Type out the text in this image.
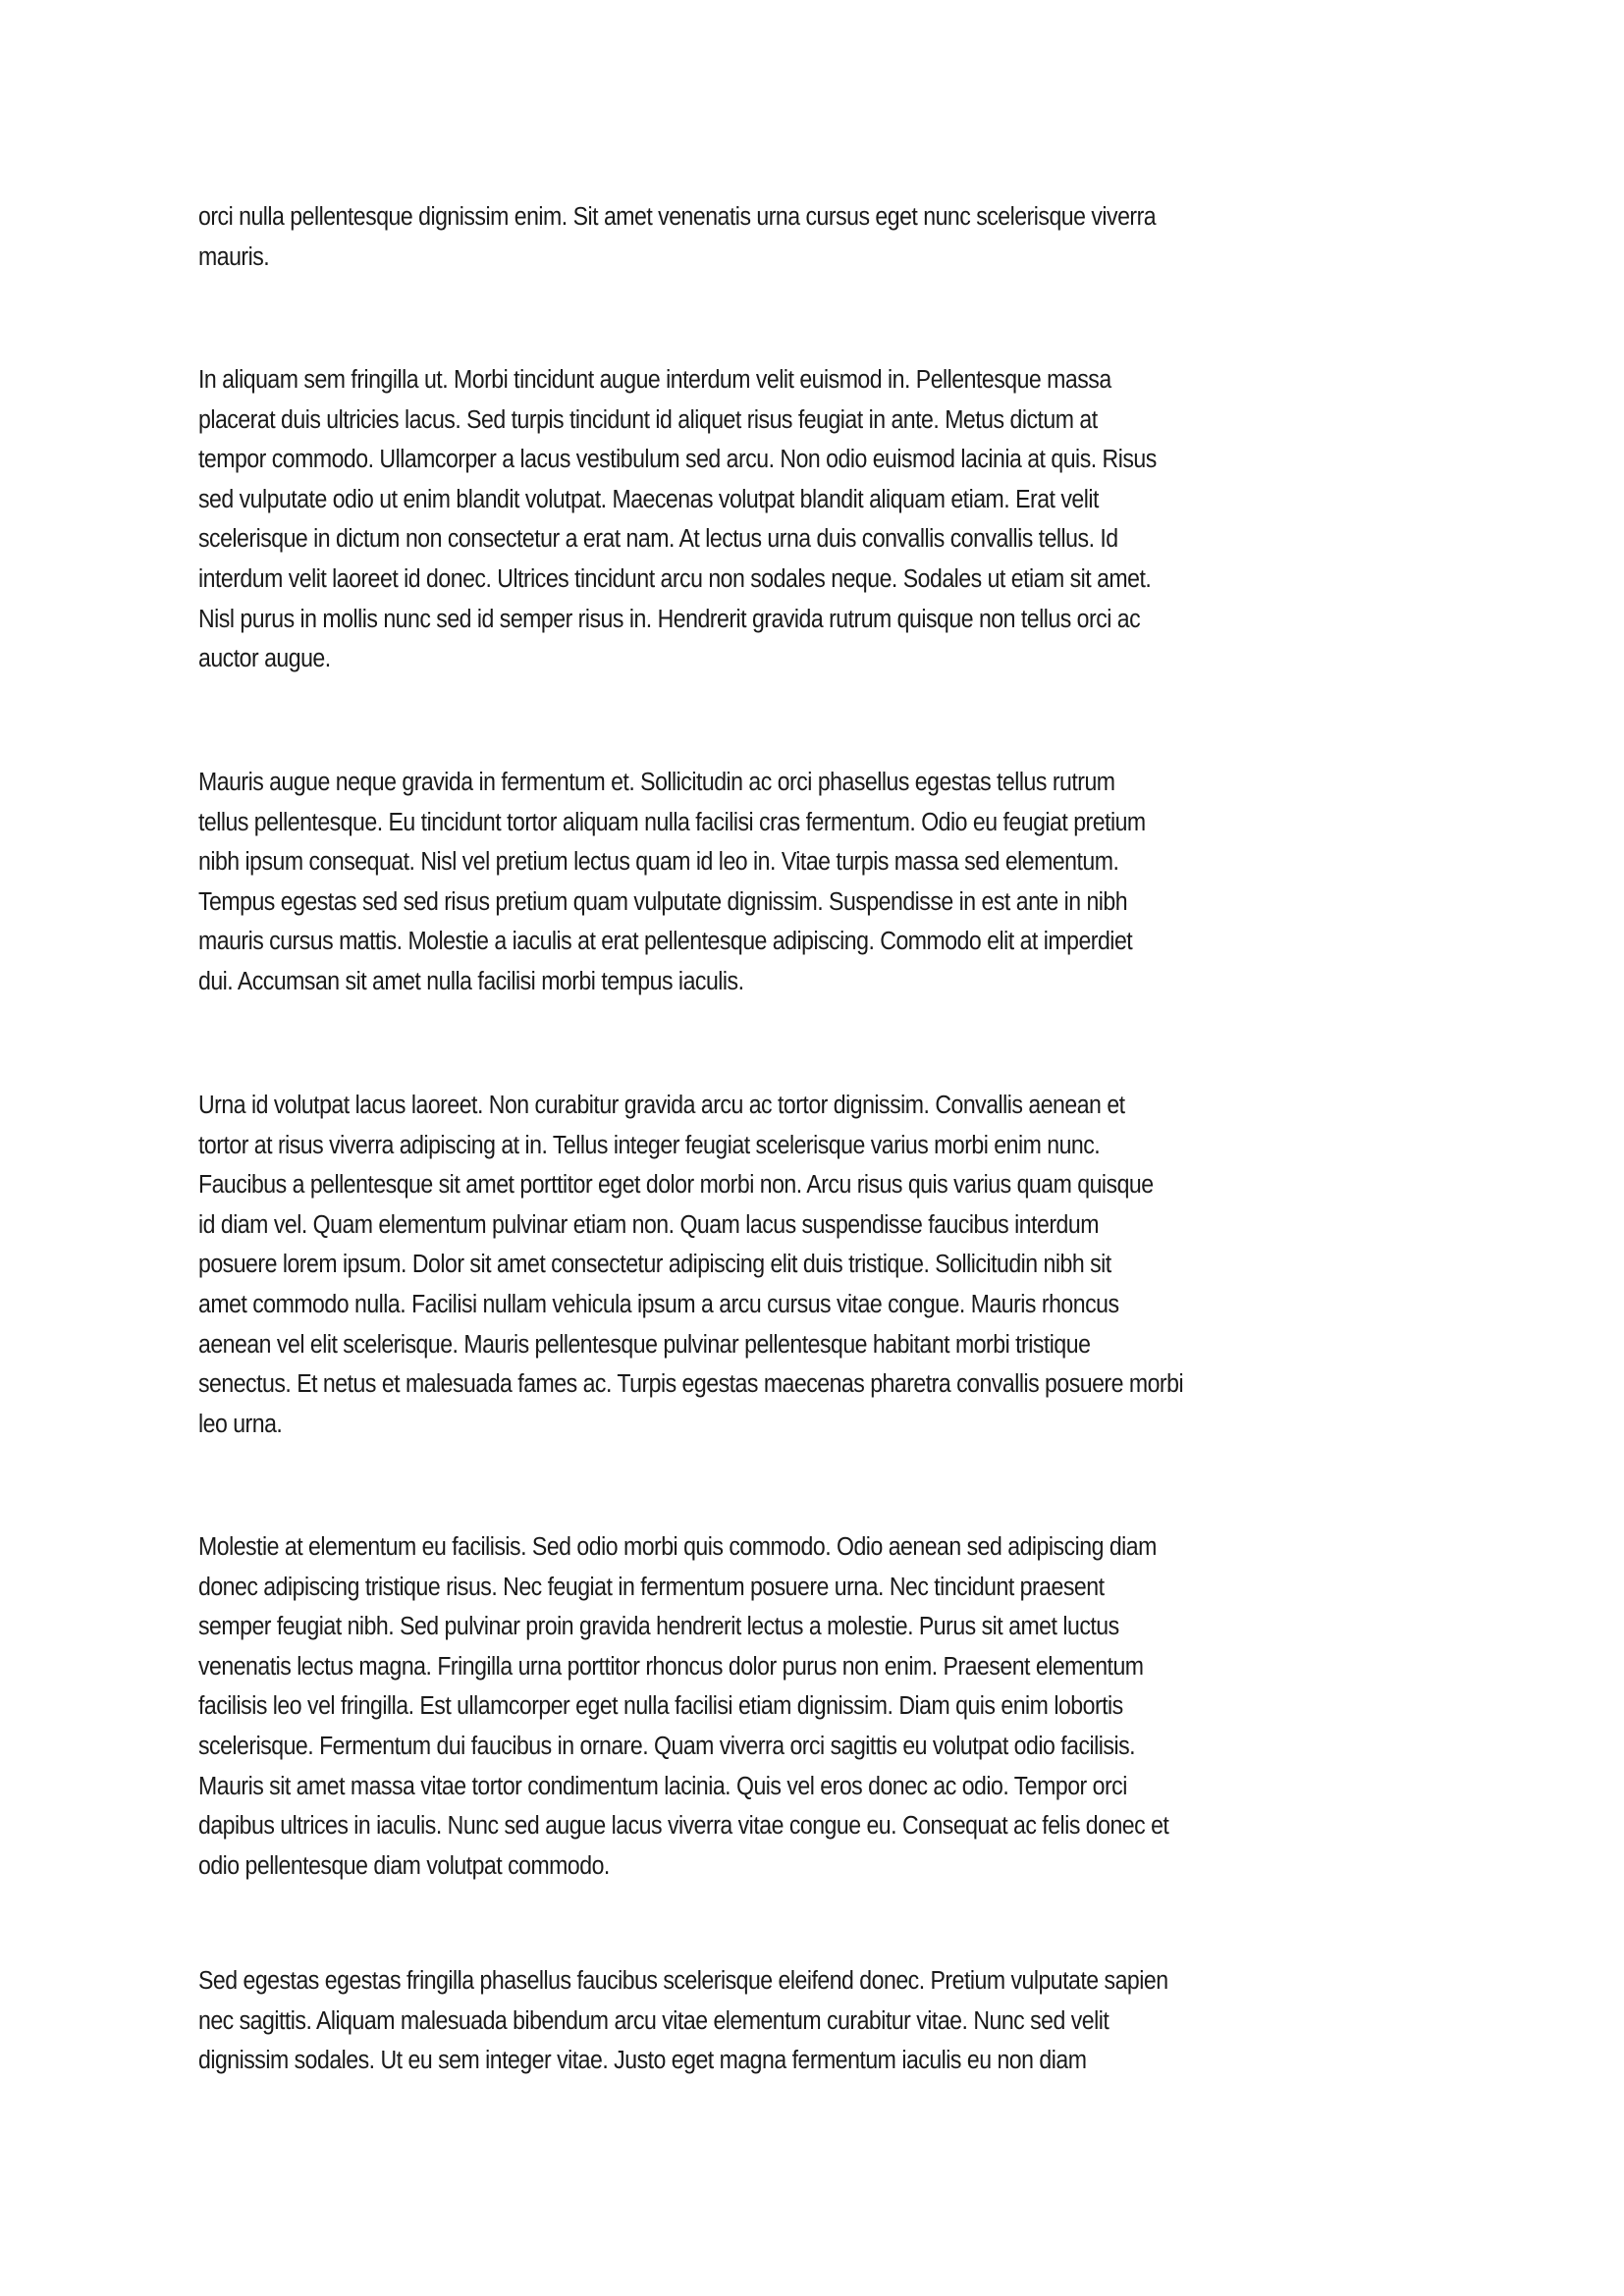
orci nulla pellentesque dignissim enim. Sit amet venenatis urna cursus eget nunc scelerisque viverra
mauris.

In aliquam sem fringilla ut. Morbi tincidunt augue interdum velit euismod in. Pellentesque massa
placerat duis ultricies lacus. Sed turpis tincidunt id aliquet risus feugiat in ante. Metus dictum at
tempor commodo. Ullamcorper a lacus vestibulum sed arcu. Non odio euismod lacinia at quis. Risus
sed vulputate odio ut enim blandit volutpat. Maecenas volutpat blandit aliquam etiam. Erat velit
scelerisque in dictum non consectetur a erat nam. At lectus urna duis convallis convallis tellus. Id
interdum velit laoreet id donec. Ultrices tincidunt arcu non sodales neque. Sodales ut etiam sit amet.
Nisl purus in mollis nunc sed id semper risus in. Hendrerit gravida rutrum quisque non tellus orci ac
auctor augue.

Mauris augue neque gravida in fermentum et. Sollicitudin ac orci phasellus egestas tellus rutrum
tellus pellentesque. Eu tincidunt tortor aliquam nulla facilisi cras fermentum. Odio eu feugiat pretium
nibh ipsum consequat. Nisl vel pretium lectus quam id leo in. Vitae turpis massa sed elementum.
Tempus egestas sed sed risus pretium quam vulputate dignissim. Suspendisse in est ante in nibh
mauris cursus mattis. Molestie a iaculis at erat pellentesque adipiscing. Commodo elit at imperdiet
dui. Accumsan sit amet nulla facilisi morbi tempus iaculis.

Urna id volutpat lacus laoreet. Non curabitur gravida arcu ac tortor dignissim. Convallis aenean et
tortor at risus viverra adipiscing at in. Tellus integer feugiat scelerisque varius morbi enim nunc.
Faucibus a pellentesque sit amet porttitor eget dolor morbi non. Arcu risus quis varius quam quisque
id diam vel. Quam elementum pulvinar etiam non. Quam lacus suspendisse faucibus interdum
posuere lorem ipsum. Dolor sit amet consectetur adipiscing elit duis tristique. Sollicitudin nibh sit
amet commodo nulla. Facilisi nullam vehicula ipsum a arcu cursus vitae congue. Mauris rhoncus
aenean vel elit scelerisque. Mauris pellentesque pulvinar pellentesque habitant morbi tristique
senectus. Et netus et malesuada fames ac. Turpis egestas maecenas pharetra convallis posuere morbi
leo urna.

Molestie at elementum eu facilisis. Sed odio morbi quis commodo. Odio aenean sed adipiscing diam
donec adipiscing tristique risus. Nec feugiat in fermentum posuere urna. Nec tincidunt praesent
semper feugiat nibh. Sed pulvinar proin gravida hendrerit lectus a molestie. Purus sit amet luctus
venenatis lectus magna. Fringilla urna porttitor rhoncus dolor purus non enim. Praesent elementum
facilisis leo vel fringilla. Est ullamcorper eget nulla facilisi etiam dignissim. Diam quis enim lobortis
scelerisque. Fermentum dui faucibus in ornare. Quam viverra orci sagittis eu volutpat odio facilisis.
Mauris sit amet massa vitae tortor condimentum lacinia. Quis vel eros donec ac odio. Tempor orci
dapibus ultrices in iaculis. Nunc sed augue lacus viverra vitae congue eu. Consequat ac felis donec et
odio pellentesque diam volutpat commodo.

Sed egestas egestas fringilla phasellus faucibus scelerisque eleifend donec. Pretium vulputate sapien
nec sagittis. Aliquam malesuada bibendum arcu vitae elementum curabitur vitae. Nunc sed velit
dignissim sodales. Ut eu sem integer vitae. Justo eget magna fermentum iaculis eu non diam
